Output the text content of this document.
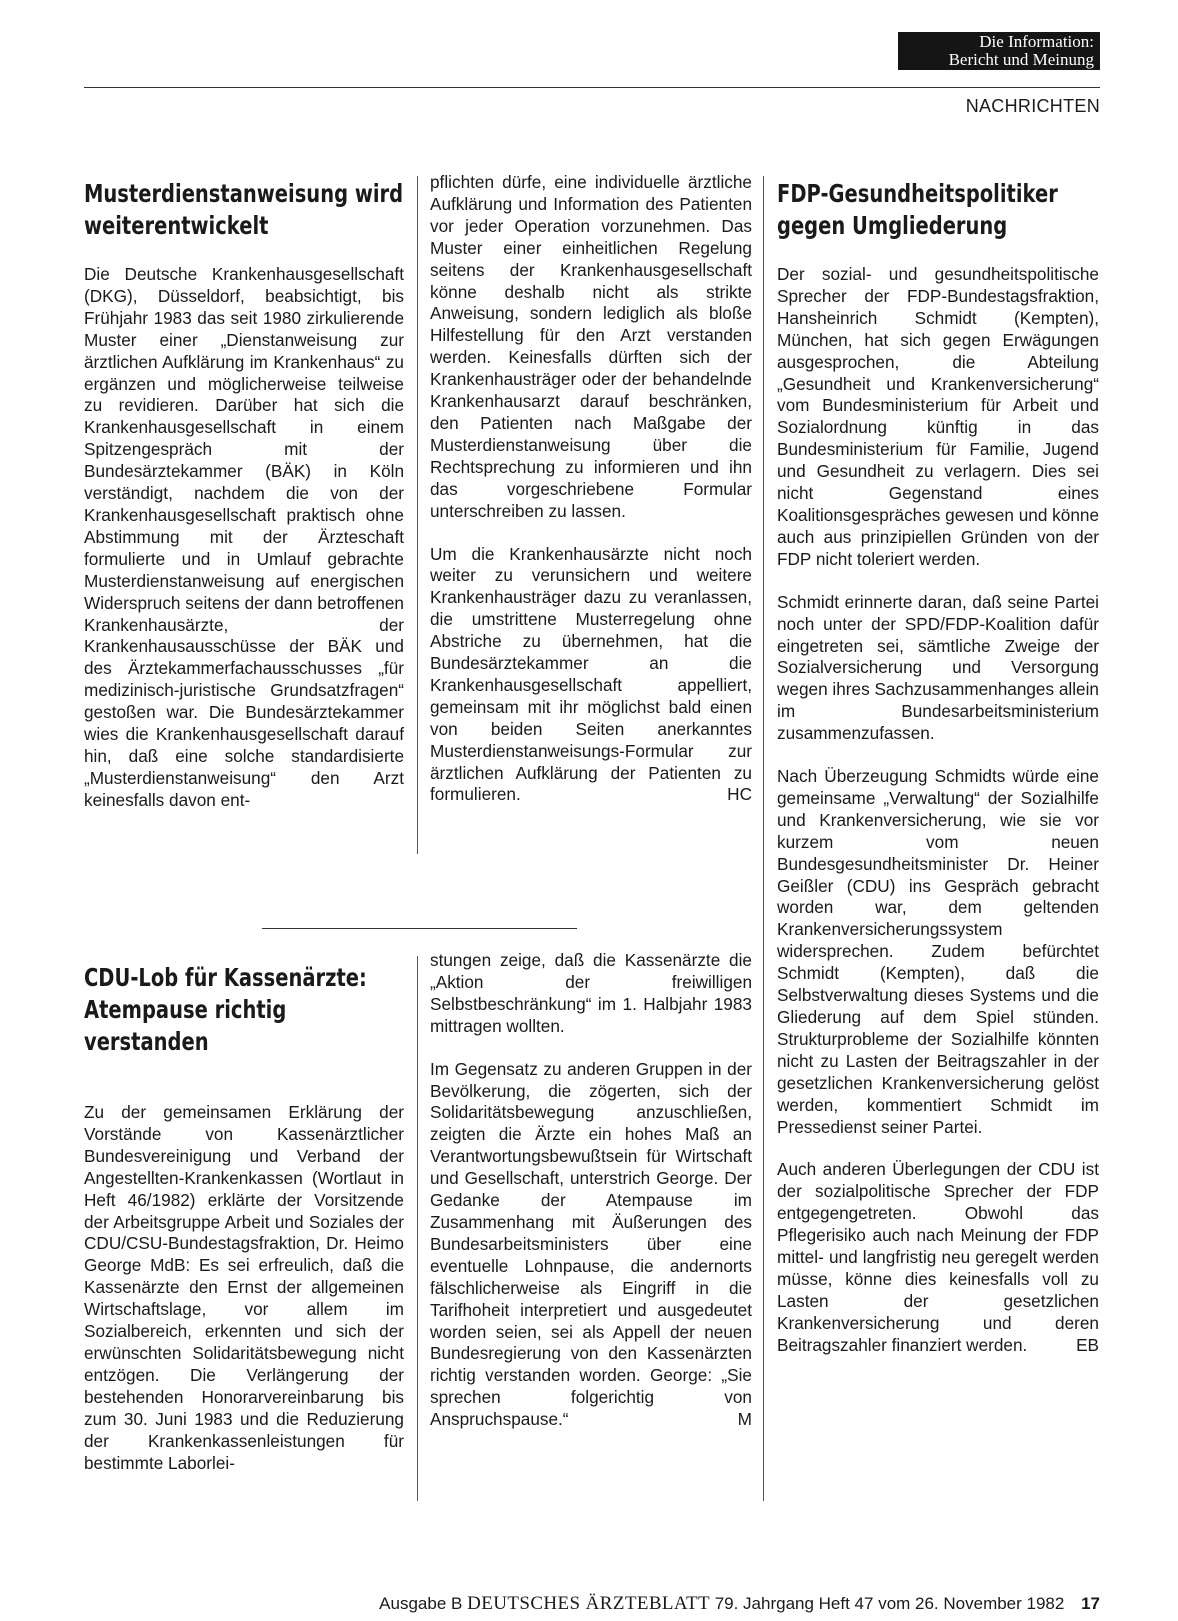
Die Information:
Bericht und Meinung
NACHRICHTEN
Musterdienstanweisung wird weiterentwickelt

Die Deutsche Krankenhausgesellschaft (DKG), Düsseldorf, beabsichtigt, bis Frühjahr 1983 das seit 1980 zirkulierende Muster einer „Dienstanweisung zur ärztlichen Aufklärung im Krankenhaus“ zu ergänzen und möglicherweise teilweise zu revidieren. Darüber hat sich die Krankenhausgesellschaft in einem Spitzengespräch mit der Bundesärztekammer (BÄK) in Köln verständigt, nachdem die von der Krankenhausgesellschaft praktisch ohne Abstimmung mit der Ärzteschaft formulierte und in Umlauf gebrachte Musterdienstanweisung auf energischen Widerspruch seitens der dann betroffenen Krankenhausärzte, der Krankenhausausschüsse der BÄK und des Ärztekammerfachausschusses „für medizinisch-juristische Grundsatzfragen“ gestoßen war. Die Bundesärztekammer wies die Krankenhausgesellschaft darauf hin, daß eine solche standardisierte „Musterdienstanweisung“ den Arzt keinesfalls davon ent-

pflichten dürfe, eine individuelle ärztliche Aufklärung und Information des Patienten vor jeder Operation vorzunehmen. Das Muster einer einheitlichen Regelung seitens der Krankenhausgesellschaft könne deshalb nicht als strikte Anweisung, sondern lediglich als bloße Hilfestellung für den Arzt verstanden werden. Keinesfalls dürften sich der Krankenhausträger oder der behandelnde Krankenhausarzt darauf beschränken, den Patienten nach Maßgabe der Musterdienstanweisung über die Rechtsprechung zu informieren und ihn das vorgeschriebene Formular unterschreiben zu lassen.

Um die Krankenhausärzte nicht noch weiter zu verunsichern und weitere Krankenhausträger dazu zu veranlassen, die umstrittene Musterregelung ohne Abstriche zu übernehmen, hat die Bundesärztekammer an die Krankenhausgesellschaft appelliert, gemeinsam mit ihr möglichst bald einen von beiden Seiten anerkanntes Musterdienstanweisungs-Formular zur ärztlichen Aufklärung der Patienten zu formulieren.	HC

CDU-Lob für Kassenärzte: Atempause richtig verstanden

Zu der gemeinsamen Erklärung der Vorstände von Kassenärztlicher Bundesvereinigung und Verband der Angestellten-Krankenkassen (Wortlaut in Heft 46/1982) erklärte der Vorsitzende der Arbeitsgruppe Arbeit und Soziales der CDU/CSU-Bundestagsfraktion, Dr. Heimo George MdB: Es sei erfreulich, daß die Kassenärzte den Ernst der allgemeinen Wirtschaftslage, vor allem im Sozialbereich, erkennten und sich der erwünschten Solidaritätsbewegung nicht entzögen. Die Verlängerung der bestehenden Honorarvereinbarung bis zum 30. Juni 1983 und die Reduzierung der Krankenkassenleistungen für bestimmte Laborlei-

stungen zeige, daß die Kassenärzte die „Aktion der freiwilligen Selbstbeschränkung“ im 1. Halbjahr 1983 mittragen wollten.

Im Gegensatz zu anderen Gruppen in der Bevölkerung, die zögerten, sich der Solidaritätsbewegung anzuschließen, zeigten die Ärzte ein hohes Maß an Verantwortungsbewußtsein für Wirtschaft und Gesellschaft, unterstrich George. Der Gedanke der Atempause im Zusammenhang mit Äußerungen des Bundesarbeitsministers über eine eventuelle Lohnpause, die andernorts fälschlicherweise als Eingriff in die Tarifhoheit interpretiert und ausgedeutet worden seien, sei als Appell der neuen Bundesregierung von den Kassenärzten richtig verstanden worden. George: „Sie sprechen folgerichtig von Anspruchspause.“	M

FDP-Gesundheitspolitiker gegen Umgliederung

Der sozial- und gesundheitspolitische Sprecher der FDP-Bundestagsfraktion, Hansheinrich Schmidt (Kempten), München, hat sich gegen Erwägungen ausgesprochen, die Abteilung „Gesundheit und Krankenversicherung“ vom Bundesministerium für Arbeit und Sozialordnung künftig in das Bundesministerium für Familie, Jugend und Gesundheit zu verlagern. Dies sei nicht Gegenstand eines Koalitionsgespräches gewesen und könne auch aus prinzipiellen Gründen von der FDP nicht toleriert werden.

Schmidt erinnerte daran, daß seine Partei noch unter der SPD/FDP-Koalition dafür eingetreten sei, sämtliche Zweige der Sozialversicherung und Versorgung wegen ihres Sachzusammenhanges allein im Bundesarbeitsministerium zusammenzufassen.

Nach Überzeugung Schmidts würde eine gemeinsame „Verwaltung“ der Sozialhilfe und Krankenversicherung, wie sie vor kurzem vom neuen Bundesgesundheitsminister Dr. Heiner Geißler (CDU) ins Gespräch gebracht worden war, dem geltenden Krankenversicherungssystem widersprechen. Zudem befürchtet Schmidt (Kempten), daß die Selbstverwaltung dieses Systems und die Gliederung auf dem Spiel stünden. Strukturprobleme der Sozialhilfe könnten nicht zu Lasten der Beitragszahler in der gesetzlichen Krankenversicherung gelöst werden, kommentiert Schmidt im Pressedienst seiner Partei.

Auch anderen Überlegungen der CDU ist der sozialpolitische Sprecher der FDP entgegengetreten. Obwohl das Pflegerisiko auch nach Meinung der FDP mittel- und langfristig neu geregelt werden müsse, könne dies keinesfalls voll zu Lasten der gesetzlichen Krankenversicherung und deren Beitragszahler finanziert werden.	EB

Ausgabe B DEUTSCHES ÄRZTEBLATT 79. Jahrgang Heft 47 vom 26. November 1982 17
